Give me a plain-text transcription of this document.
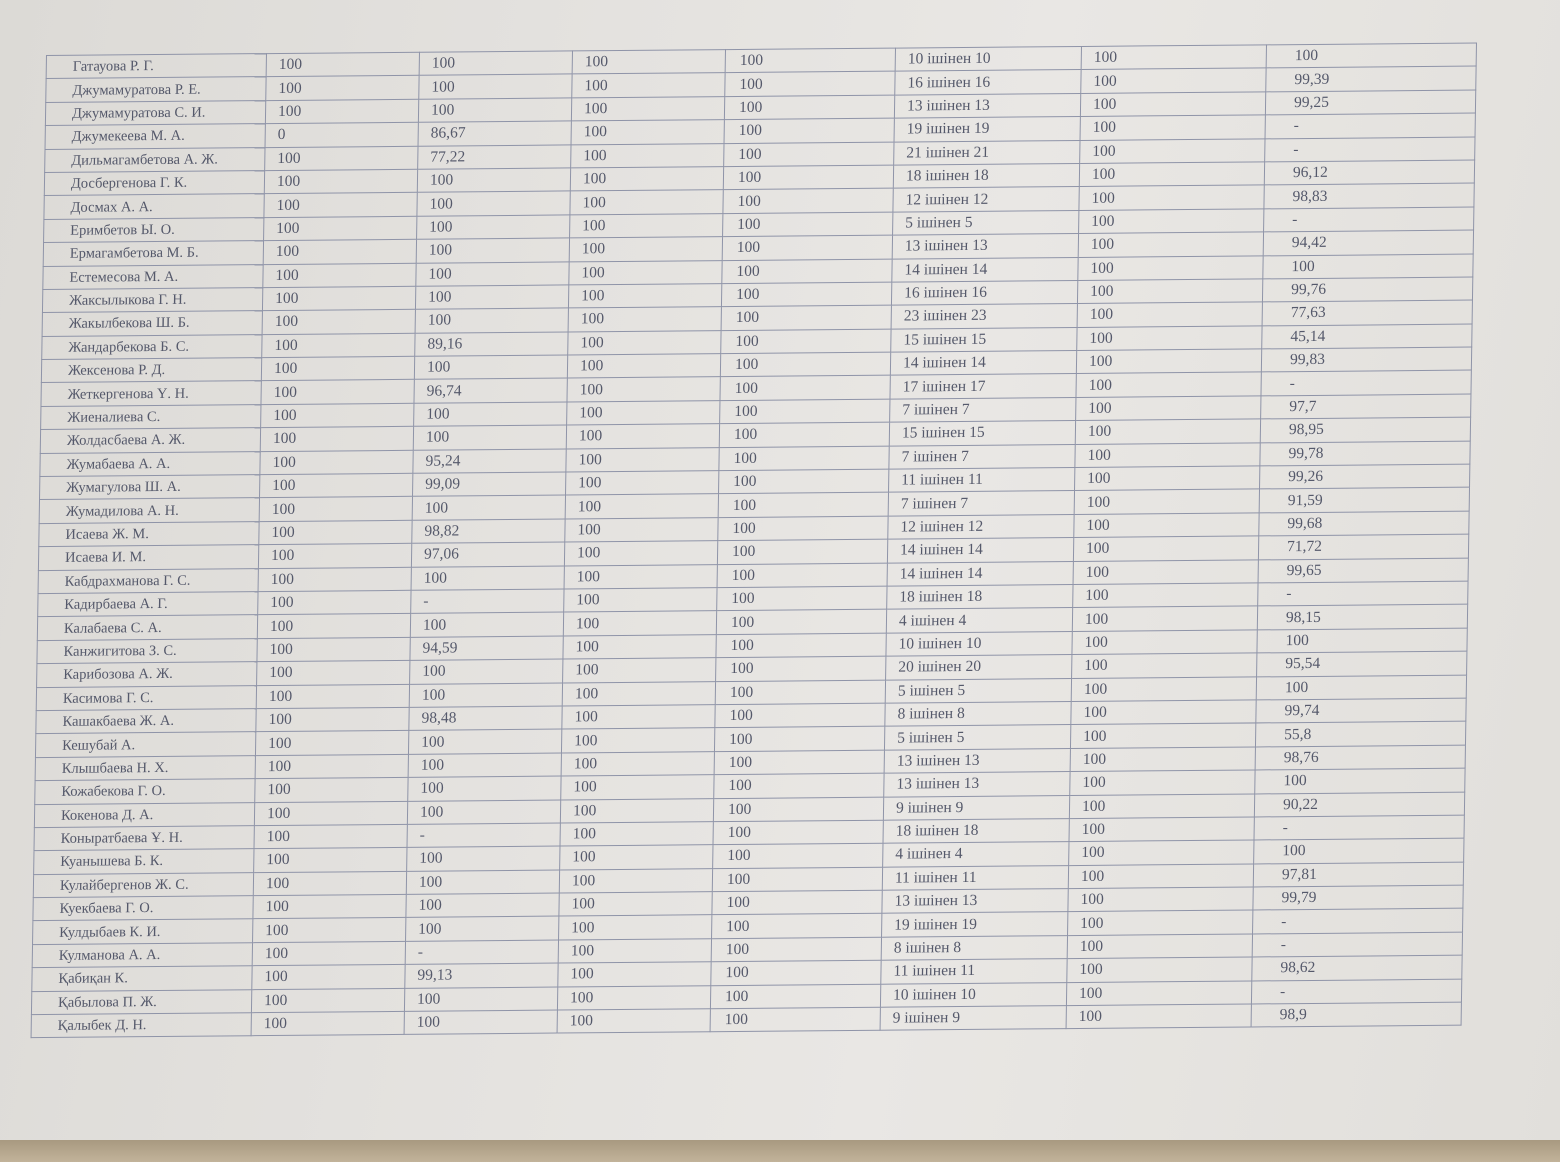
Гатауова Р. Г.	100	100	100	100	10 ішінен 10	100	100
Джумамуратова Р. Е.	100	100	100	100	16 ішінен 16	100	99,39
Джумамуратова С. И.	100	100	100	100	13 ішінен 13	100	99,25
Джумекеева М. А.	0	86,67	100	100	19 ішінен 19	100	-
Дильмагамбетова А. Ж.	100	77,22	100	100	21 ішінен 21	100	-
Досбергенова Г. К.	100	100	100	100	18 ішінен 18	100	96,12
Досмах А. А.	100	100	100	100	12 ішінен 12	100	98,83
Еримбетов Ы. О.	100	100	100	100	5 ішінен 5	100	-
Ермагамбетова М. Б.	100	100	100	100	13 ішінен 13	100	94,42
Естемесова М. А.	100	100	100	100	14 ішінен 14	100	100
Жаксылыкова Г. Н.	100	100	100	100	16 ішінен 16	100	99,76
Жакылбекова Ш. Б.	100	100	100	100	23 ішінен 23	100	77,63
Жандарбекова Б. С.	100	89,16	100	100	15 ішінен 15	100	45,14
Жексенова Р. Д.	100	100	100	100	14 ішінен 14	100	99,83
Жеткергенова Ү. Н.	100	96,74	100	100	17 ішінен 17	100	-
Жиеналиева С.	100	100	100	100	7 ішінен 7	100	97,7
Жолдасбаева А. Ж.	100	100	100	100	15 ішінен 15	100	98,95
Жумабаева А. А.	100	95,24	100	100	7 ішінен 7	100	99,78
Жумагулова Ш. А.	100	99,09	100	100	11 ішінен 11	100	99,26
Жумадилова А. Н.	100	100	100	100	7 ішінен 7	100	91,59
Исаева Ж. М.	100	98,82	100	100	12 ішінен 12	100	99,68
Исаева И. М.	100	97,06	100	100	14 ішінен 14	100	71,72
Кабдрахманова Г. С.	100	100	100	100	14 ішінен 14	100	99,65
Кадирбаева А. Г.	100	-	100	100	18 ішінен 18	100	-
Калабаева С. А.	100	100	100	100	4 ішінен 4	100	98,15
Канжигитова З. С.	100	94,59	100	100	10 ішінен 10	100	100
Карибозова А. Ж.	100	100	100	100	20 ішінен 20	100	95,54
Касимова Г. С.	100	100	100	100	5 ішінен 5	100	100
Кашакбаева Ж. А.	100	98,48	100	100	8 ішінен 8	100	99,74
Кешубай А.	100	100	100	100	5 ішінен 5	100	55,8
Клышбаева Н. Х.	100	100	100	100	13 ішінен 13	100	98,76
Кожабекова Г. О.	100	100	100	100	13 ішінен 13	100	100
Кокенова Д. А.	100	100	100	100	9 ішінен 9	100	90,22
Коныратбаева Ұ. Н.	100	-	100	100	18 ішінен 18	100	-
Куанышева Б. К.	100	100	100	100	4 ішінен 4	100	100
Кулайбергенов Ж. С.	100	100	100	100	11 ішінен 11	100	97,81
Куекбаева Г. О.	100	100	100	100	13 ішінен 13	100	99,79
Кулдыбаев К. И.	100	100	100	100	19 ішінен 19	100	-
Кулманова А. А.	100	-	100	100	8 ішінен 8	100	-
Қабиқан К.	100	99,13	100	100	11 ішінен 11	100	98,62
Қабылова П. Ж.	100	100	100	100	10 ішінен 10	100	-
Қалыбек Д. Н.	100	100	100	100	9 ішінен 9	100	98,9
